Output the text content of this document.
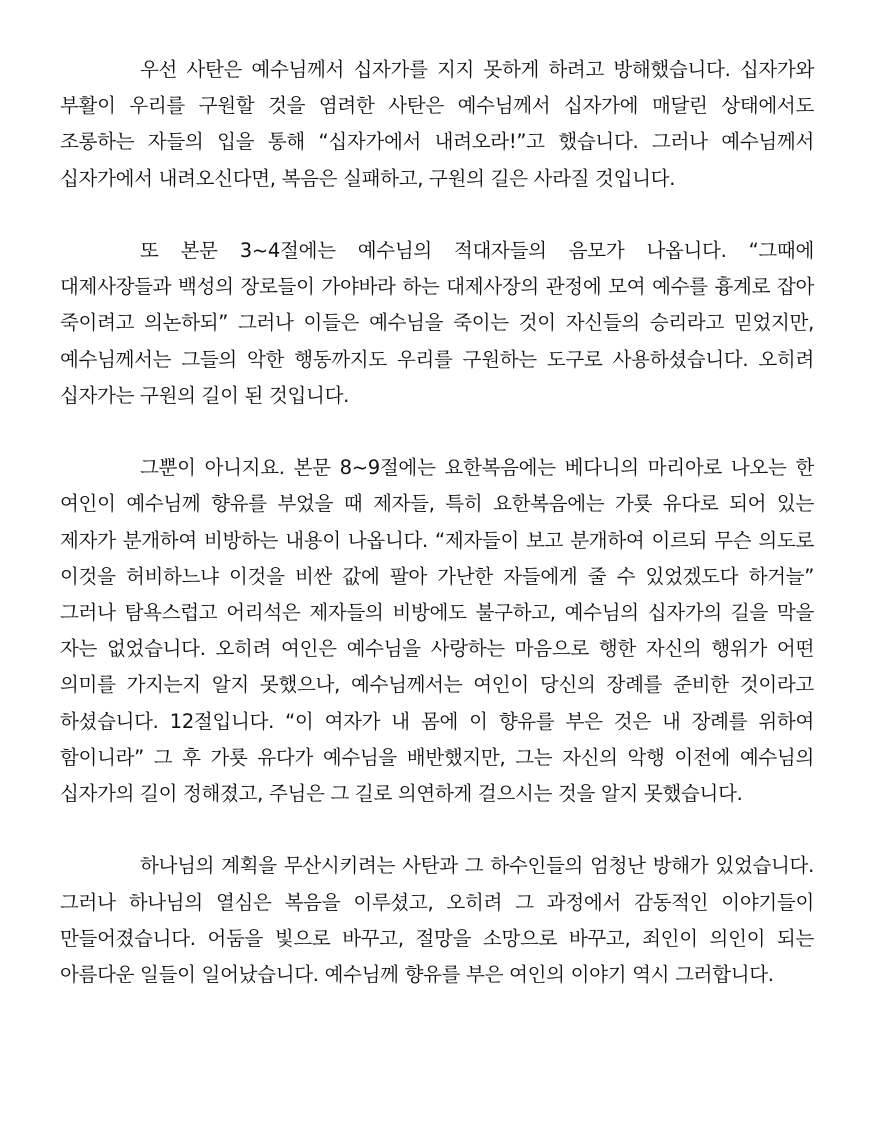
우선 사탄은 예수님께서 십자가를 지지 못하게 하려고 방해했습니다. 십자가와 부활이 우리를 구원할 것을 염려한 사탄은 예수님께서 십자가에 매달린 상태에서도 조롱하는 자들의 입을 통해 “십자가에서 내려오라!”고 했습니다. 그러나 예수님께서 십자가에서 내려오신다면, 복음은 실패하고, 구원의 길은 사라질 것입니다.

또 본문 3~4절에는 예수님의 적대자들의 음모가 나옵니다. “그때에 대제사장들과 백성의 장로들이 가야바라 하는 대제사장의 관정에 모여 예수를 흉계로 잡아 죽이려고 의논하되” 그러나 이들은 예수님을 죽이는 것이 자신들의 승리라고 믿었지만, 예수님께서는 그들의 악한 행동까지도 우리를 구원하는 도구로 사용하셨습니다. 오히려 십자가는 구원의 길이 된 것입니다.

그뿐이 아니지요. 본문 8~9절에는 요한복음에는 베다니의 마리아로 나오는 한 여인이 예수님께 향유를 부었을 때 제자들, 특히 요한복음에는 가룟 유다로 되어 있는 제자가 분개하여 비방하는 내용이 나옵니다. “제자들이 보고 분개하여 이르되 무슨 의도로 이것을 허비하느냐 이것을 비싼 값에 팔아 가난한 자들에게 줄 수 있었겠도다 하거늘” 그러나 탐욕스럽고 어리석은 제자들의 비방에도 불구하고, 예수님의 십자가의 길을 막을 자는 없었습니다. 오히려 여인은 예수님을 사랑하는 마음으로 행한 자신의 행위가 어떤 의미를 가지는지 알지 못했으나, 예수님께서는 여인이 당신의 장례를 준비한 것이라고 하셨습니다. 12절입니다. “이 여자가 내 몸에 이 향유를 부은 것은 내 장례를 위하여 함이니라” 그 후 가룟 유다가 예수님을 배반했지만, 그는 자신의 악행 이전에 예수님의 십자가의 길이 정해졌고, 주님은 그 길로 의연하게 걸으시는 것을 알지 못했습니다.

하나님의 계획을 무산시키려는 사탄과 그 하수인들의 엄청난 방해가 있었습니다. 그러나 하나님의 열심은 복음을 이루셨고, 오히려 그 과정에서 감동적인 이야기들이 만들어졌습니다. 어둠을 빛으로 바꾸고, 절망을 소망으로 바꾸고, 죄인이 의인이 되는 아름다운 일들이 일어났습니다. 예수님께 향유를 부은 여인의 이야기 역시 그러합니다.
